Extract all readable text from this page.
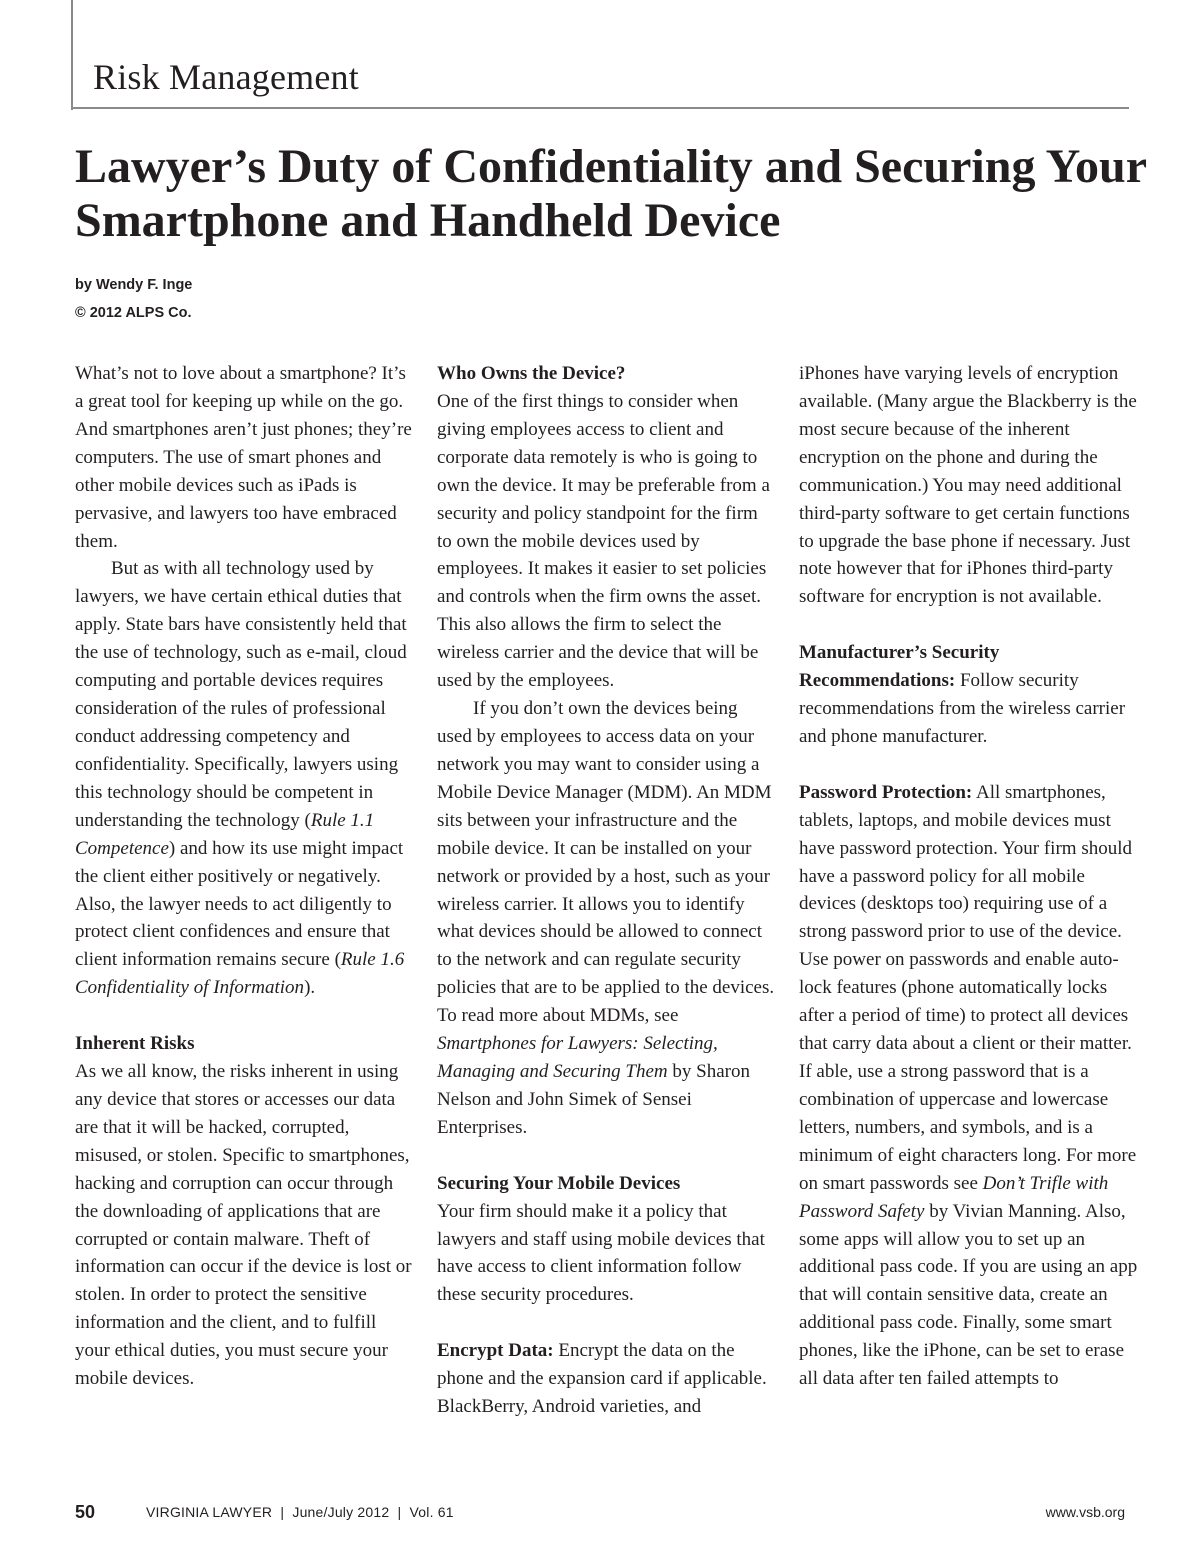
Risk Management
Lawyer’s Duty of Confidentiality and Securing Your Smartphone and Handheld Device
by Wendy F. Inge
© 2012 ALPS Co.

What’s not to love about a smartphone? It’s a great tool for keeping up while on the go. And smartphones aren’t just phones; they’re computers. The use of smart phones and other mobile devices such as iPads is pervasive, and lawyers too have embraced them.

But as with all technology used by lawyers, we have certain ethical duties that apply. State bars have consistently held that the use of technology, such as e-mail, cloud computing and portable devices requires consideration of the rules of professional conduct addressing competency and confidentiality. Specifically, lawyers using this technology should be competent in understanding the technology (Rule 1.1 Competence) and how its use might impact the client either positively or negatively. Also, the lawyer needs to act diligently to protect client confidences and ensure that client information remains secure (Rule 1.6 Confidentiality of Information).

Inherent Risks

As we all know, the risks inherent in using any device that stores or accesses our data are that it will be hacked, corrupted, misused, or stolen. Specific to smartphones, hacking and corruption can occur through the downloading of applications that are corrupted or contain malware. Theft of information can occur if the device is lost or stolen. In order to protect the sensitive information and the client, and to fulfill your ethical duties, you must secure your mobile devices.

Who Owns the Device?

One of the first things to consider when giving employees access to client and corporate data remotely is who is going to own the device. It may be preferable from a security and policy standpoint for the firm to own the mobile devices used by employees. It makes it easier to set policies and controls when the firm owns the asset. This also allows the firm to select the wireless carrier and the device that will be used by the employees.

If you don’t own the devices being used by employees to access data on your network you may want to consider using a Mobile Device Manager (MDM). An MDM sits between your infrastructure and the mobile device. It can be installed on your network or provided by a host, such as your wireless carrier. It allows you to identify what devices should be allowed to connect to the network and can regulate security policies that are to be applied to the devices. To read more about MDMs, see Smartphones for Lawyers: Selecting, Managing and Securing Them by Sharon Nelson and John Simek of Sensei Enterprises.

Securing Your Mobile Devices

Your firm should make it a policy that lawyers and staff using mobile devices that have access to client information follow these security procedures.

Encrypt Data: Encrypt the data on the phone and the expansion card if applicable. BlackBerry, Android varieties, and

iPhones have varying levels of encryption available. (Many argue the Blackberry is the most secure because of the inherent encryption on the phone and during the communication.) You may need additional third-party software to get certain functions to upgrade the base phone if necessary. Just note however that for iPhones third-party software for encryption is not available.

Manufacturer’s Security Recommendations: Follow security recommendations from the wireless carrier and phone manufacturer.

Password Protection: All smartphones, tablets, laptops, and mobile devices must have password protection. Your firm should have a password policy for all mobile devices (desktops too) requiring use of a strong password prior to use of the device. Use power on passwords and enable auto-lock features (phone automatically locks after a period of time) to protect all devices that carry data about a client or their matter. If able, use a strong password that is a combination of uppercase and lowercase letters, numbers, and symbols, and is a minimum of eight characters long. For more on smart passwords see Don’t Trifle with Password Safety by Vivian Manning. Also, some apps will allow you to set up an additional pass code. If you are using an app that will contain sensitive data, create an additional pass code. Finally, some smart phones, like the iPhone, can be set to erase all data after ten failed attempts to

50	VIRGINIA LAWYER  |  June/July 2012  |  Vol. 61	www.vsb.org
